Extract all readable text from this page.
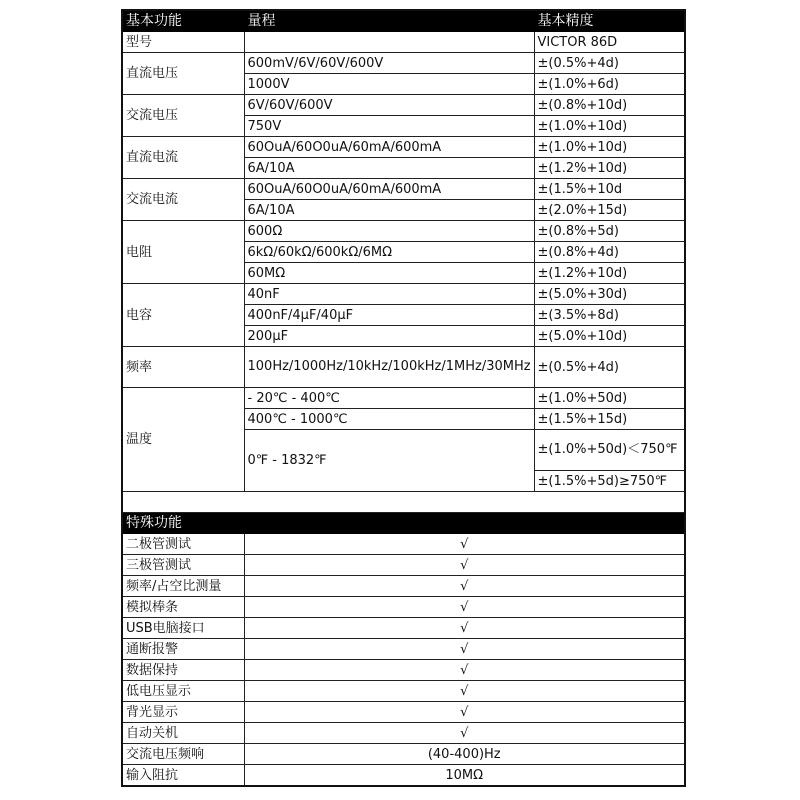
基本功能	量程	基本精度
型号		VICTOR 86D
直流电压	600mV/6V/60V/600V	±(0.5%+4d)
	1000V	±(1.0%+6d)
交流电压	6V/60V/600V	±(0.8%+10d)
	750V	±(1.0%+10d)
直流电流	60OuA/60O0uA/60mA/600mA	±(1.0%+10d)
	6A/10A	±(1.2%+10d)
交流电流	60OuA/60O0uA/60mA/600mA	±(1.5%+10d
	6A/10A	±(2.0%+15d)
电阻	600Ω	±(0.8%+5d)
	6kΩ/60kΩ/600kΩ/6MΩ	±(0.8%+4d)
	60MΩ	±(1.2%+10d)
电容	40nF	±(5.0%+30d)
	400nF/4μF/40μF	±(3.5%+8d)
	200μF	±(5.0%+10d)
频率	100Hz/1000Hz/10kHz/100kHz/1MHz/30MHz	±(0.5%+4d)
温度	- 20℃ - 400℃	±(1.0%+50d)
	400℃ - 1000℃	±(1.5%+15d)
	0℉ - 1832℉	±(1.0%+50d)＜750℉
		±(1.5%+5d)≥750℉

特殊功能		
二极管测试	√	
三极管测试	√	
频率/占空比测量	√	
模拟棒条	√	
USB电脑接口	√	
通断报警	√	
数据保持	√	
低电压显示	√	
背光显示	√	
自动关机	√	
交流电压频响	(40-400)Hz	
输入阻抗	10MΩ	
